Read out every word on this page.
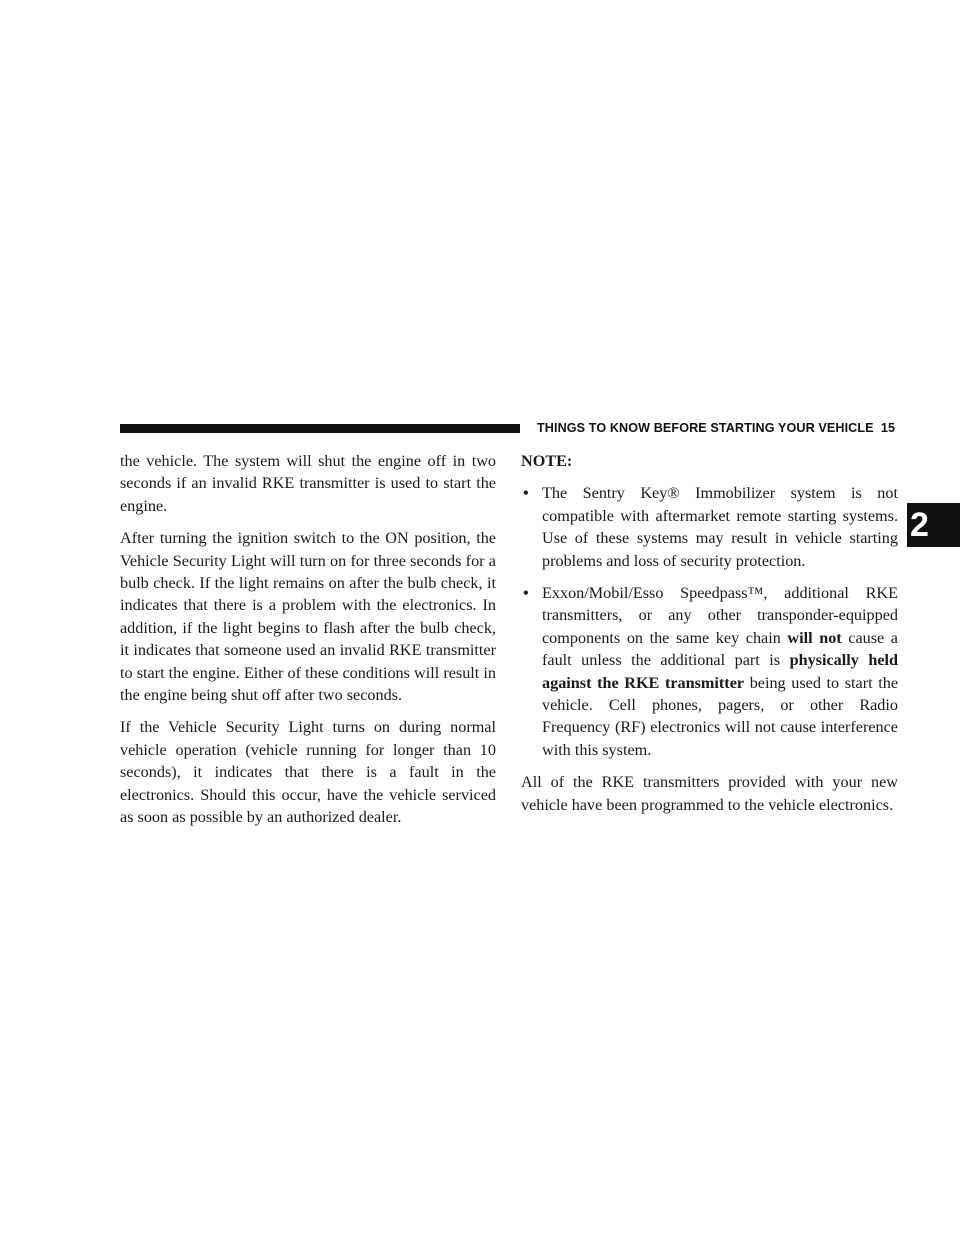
THINGS TO KNOW BEFORE STARTING YOUR VEHICLE 15
2

the vehicle. The system will shut the engine off in two seconds if an invalid RKE transmitter is used to start the engine.

After turning the ignition switch to the ON position, the Vehicle Security Light will turn on for three seconds for a bulb check. If the light remains on after the bulb check, it indicates that there is a problem with the electronics. In addition, if the light begins to flash after the bulb check, it indicates that someone used an invalid RKE transmitter to start the engine. Either of these conditions will result in the engine being shut off after two seconds.

If the Vehicle Security Light turns on during normal vehicle operation (vehicle running for longer than 10 seconds), it indicates that there is a fault in the electronics. Should this occur, have the vehicle serviced as soon as possible by an authorized dealer.

NOTE:

• The Sentry Key® Immobilizer system is not compatible with aftermarket remote starting systems. Use of these systems may result in vehicle starting problems and loss of security protection.
• Exxon/Mobil/Esso Speedpass™, additional RKE transmitters, or any other transponder-equipped components on the same key chain will not cause a fault unless the additional part is physically held against the RKE transmitter being used to start the vehicle. Cell phones, pagers, or other Radio Frequency (RF) electronics will not cause interference with this system.

All of the RKE transmitters provided with your new vehicle have been programmed to the vehicle electronics.
